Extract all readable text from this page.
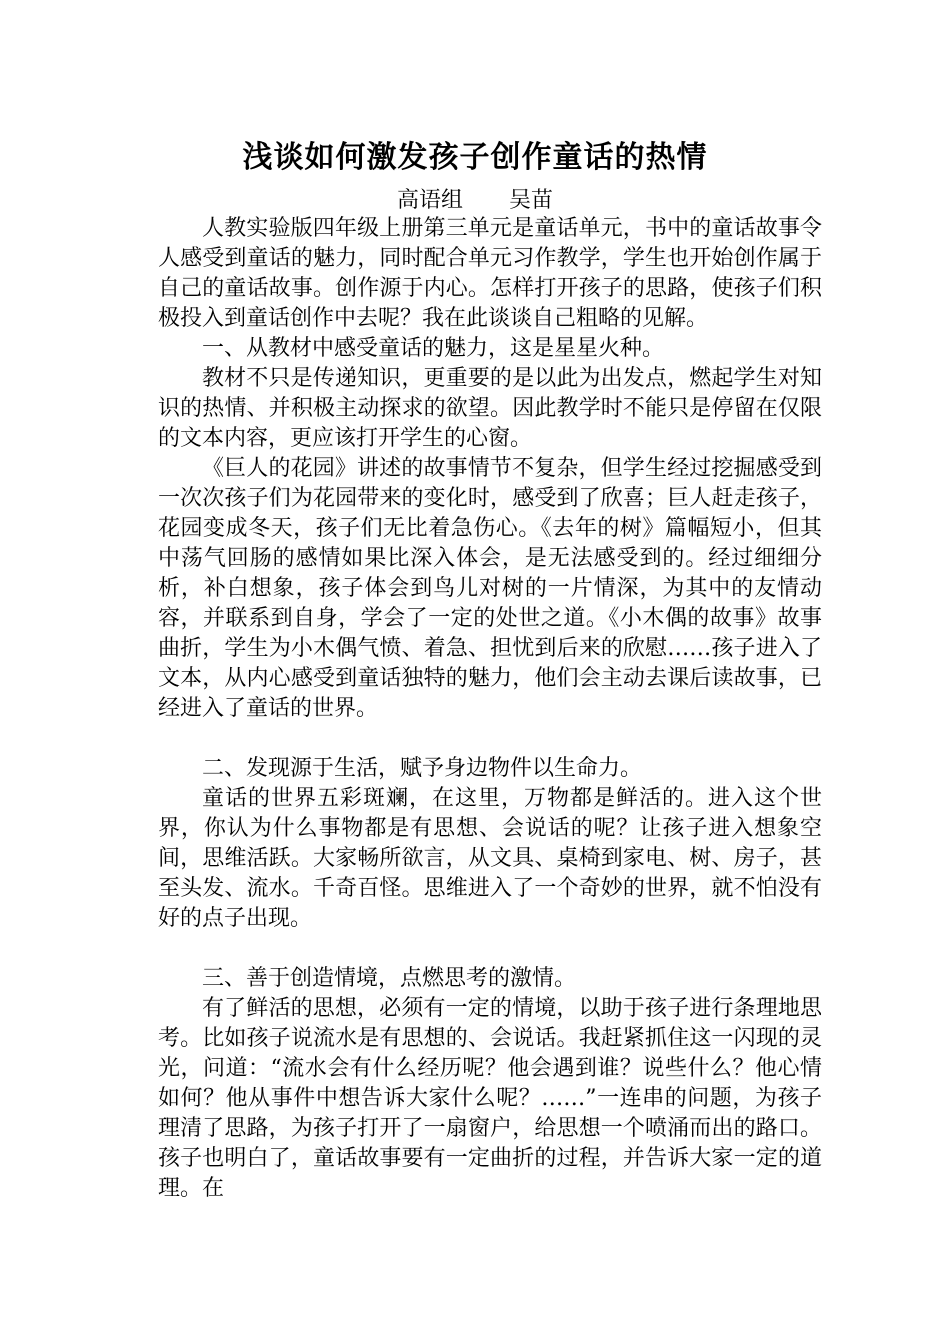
浅谈如何激发孩子创作童话的热情
高语组 吴苗

人教实验版四年级上册第三单元是童话单元，书中的童话故事令人感受到童话的魅力，同时配合单元习作教学，学生也开始创作属于自己的童话故事。创作源于内心。怎样打开孩子的思路，使孩子们积极投入到童话创作中去呢？我在此谈谈自己粗略的见解。

一、从教材中感受童话的魅力，这是星星火种。

教材不只是传递知识，更重要的是以此为出发点，燃起学生对知识的热情、并积极主动探求的欲望。因此教学时不能只是停留在仅限的文本内容，更应该打开学生的心窗。

《巨人的花园》讲述的故事情节不复杂，但学生经过挖掘感受到一次次孩子们为花园带来的变化时，感受到了欣喜；巨人赶走孩子，花园变成冬天，孩子们无比着急伤心。《去年的树》篇幅短小，但其中荡气回肠的感情如果比深入体会，是无法感受到的。经过细细分析，补白想象，孩子体会到鸟儿对树的一片情深，为其中的友情动容，并联系到自身，学会了一定的处世之道。《小木偶的故事》故事曲折，学生为小木偶气愤、着急、担忧到后来的欣慰……孩子进入了文本，从内心感受到童话独特的魅力，他们会主动去课后读故事，已经进入了童话的世界。

二、发现源于生活，赋予身边物件以生命力。

童话的世界五彩斑斓，在这里，万物都是鲜活的。进入这个世界，你认为什么事物都是有思想、会说话的呢？让孩子进入想象空间，思维活跃。大家畅所欲言，从文具、桌椅到家电、树、房子，甚至头发、流水。千奇百怪。思维进入了一个奇妙的世界，就不怕没有好的点子出现。

三、善于创造情境，点燃思考的激情。

有了鲜活的思想，必须有一定的情境，以助于孩子进行条理地思考。比如孩子说流水是有思想的、会说话。我赶紧抓住这一闪现的灵光，问道：“流水会有什么经历呢？他会遇到谁？说些什么？他心情如何？他从事件中想告诉大家什么呢？……”一连串的问题，为孩子理清了思路，为孩子打开了一扇窗户，给思想一个喷涌而出的路口。孩子也明白了，童话故事要有一定曲折的过程，并告诉大家一定的道理。在
